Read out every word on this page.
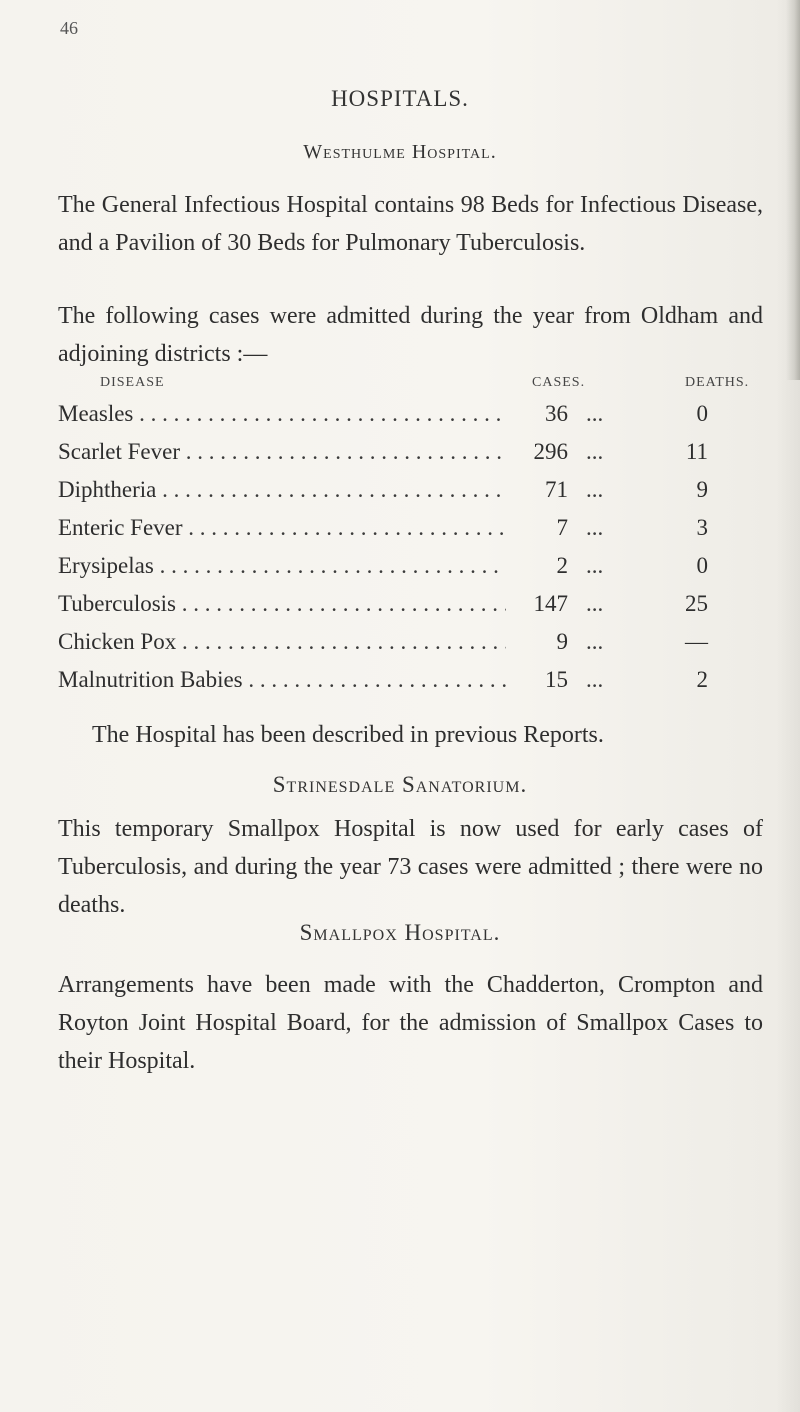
46
HOSPITALS.
Westhulme Hospital.

The General Infectious Hospital contains 98 Beds for Infectious Disease, and a Pavilion of 30 Beds for Pulmonary Tuberculosis.

The following cases were admitted during the year from Oldham and adjoining districts :—

DISEASE	CASES.	DEATHS.
Measles . . .	36 ...	0
Scarlet Fever . . .	296 ...	11
Diphtheria . . .	71 ...	9
Enteric Fever . . .	7 ...	3
Erysipelas . . .	2 ...	0
Tuberculosis . . .	147 ...	25
Chicken Pox . . .	9 ...	—
Malnutrition Babies . . .	15 ...	2

The Hospital has been described in previous Reports.

Strinesdale Sanatorium.

This temporary Smallpox Hospital is now used for early cases of Tuberculosis, and during the year 73 cases were admitted ; there were no deaths.

Smallpox Hospital.

Arrangements have been made with the Chadderton, Crompton and Royton Joint Hospital Board, for the admission of Smallpox Cases to their Hospital.
